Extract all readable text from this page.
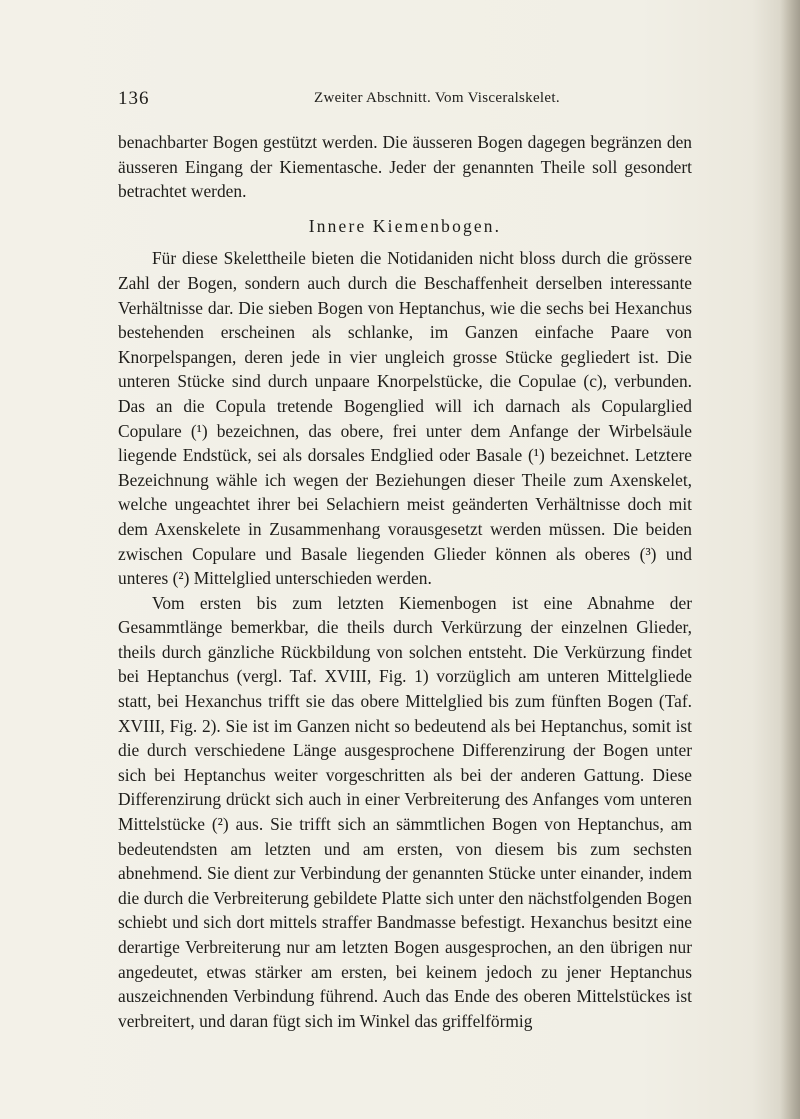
136	Zweiter Abschnitt. Vom Visceralskelet.

benachbarter Bogen gestützt werden. Die äusseren Bogen dagegen begränzen den äusseren Eingang der Kiementasche. Jeder der genannten Theile soll gesondert betrachtet werden.

Innere Kiemenbogen.

Für diese Skelettheile bieten die Notidaniden nicht bloss durch die grössere Zahl der Bogen, sondern auch durch die Beschaffenheit derselben interessante Verhältnisse dar. Die sieben Bogen von Heptanchus, wie die sechs bei Hexanchus bestehenden erscheinen als schlanke, im Ganzen einfache Paare von Knorpelspangen, deren jede in vier ungleich grosse Stücke gegliedert ist. Die unteren Stücke sind durch unpaare Knorpelstücke, die Copulae (c), verbunden. Das an die Copula tretende Bogenglied will ich darnach als Copularglied Copulare (¹) bezeichnen, das obere, frei unter dem Anfange der Wirbelsäule liegende Endstück, sei als dorsales Endglied oder Basale (¹) bezeichnet. Letztere Bezeichnung wähle ich wegen der Beziehungen dieser Theile zum Axenskelet, welche ungeachtet ihrer bei Selachiern meist geänderten Verhältnisse doch mit dem Axenskelete in Zusammenhang vorausgesetzt werden müssen. Die beiden zwischen Copulare und Basale liegenden Glieder können als oberes (³) und unteres (²) Mittelglied unterschieden werden.

Vom ersten bis zum letzten Kiemenbogen ist eine Abnahme der Gesammtlänge bemerkbar, die theils durch Verkürzung der einzelnen Glieder, theils durch gänzliche Rückbildung von solchen entsteht. Die Verkürzung findet bei Heptanchus (vergl. Taf. XVIII, Fig. 1) vorzüglich am unteren Mittelgliede statt, bei Hexanchus trifft sie das obere Mittelglied bis zum fünften Bogen (Taf. XVIII, Fig. 2). Sie ist im Ganzen nicht so bedeutend als bei Heptanchus, somit ist die durch verschiedene Länge ausgesprochene Differenzirung der Bogen unter sich bei Heptanchus weiter vorgeschritten als bei der anderen Gattung. Diese Differenzirung drückt sich auch in einer Verbreiterung des Anfanges vom unteren Mittelstücke (²) aus. Sie trifft sich an sämmtlichen Bogen von Heptanchus, am bedeutendsten am letzten und am ersten, von diesem bis zum sechsten abnehmend. Sie dient zur Verbindung der genannten Stücke unter einander, indem die durch die Verbreiterung gebildete Platte sich unter den nächstfolgenden Bogen schiebt und sich dort mittels straffer Bandmasse befestigt. Hexanchus besitzt eine derartige Verbreiterung nur am letzten Bogen ausgesprochen, an den übrigen nur angedeutet, etwas stärker am ersten, bei keinem jedoch zu jener Heptanchus auszeichnenden Verbindung führend. Auch das Ende des oberen Mittelstückes ist verbreitert, und daran fügt sich im Winkel das griffelförmig
